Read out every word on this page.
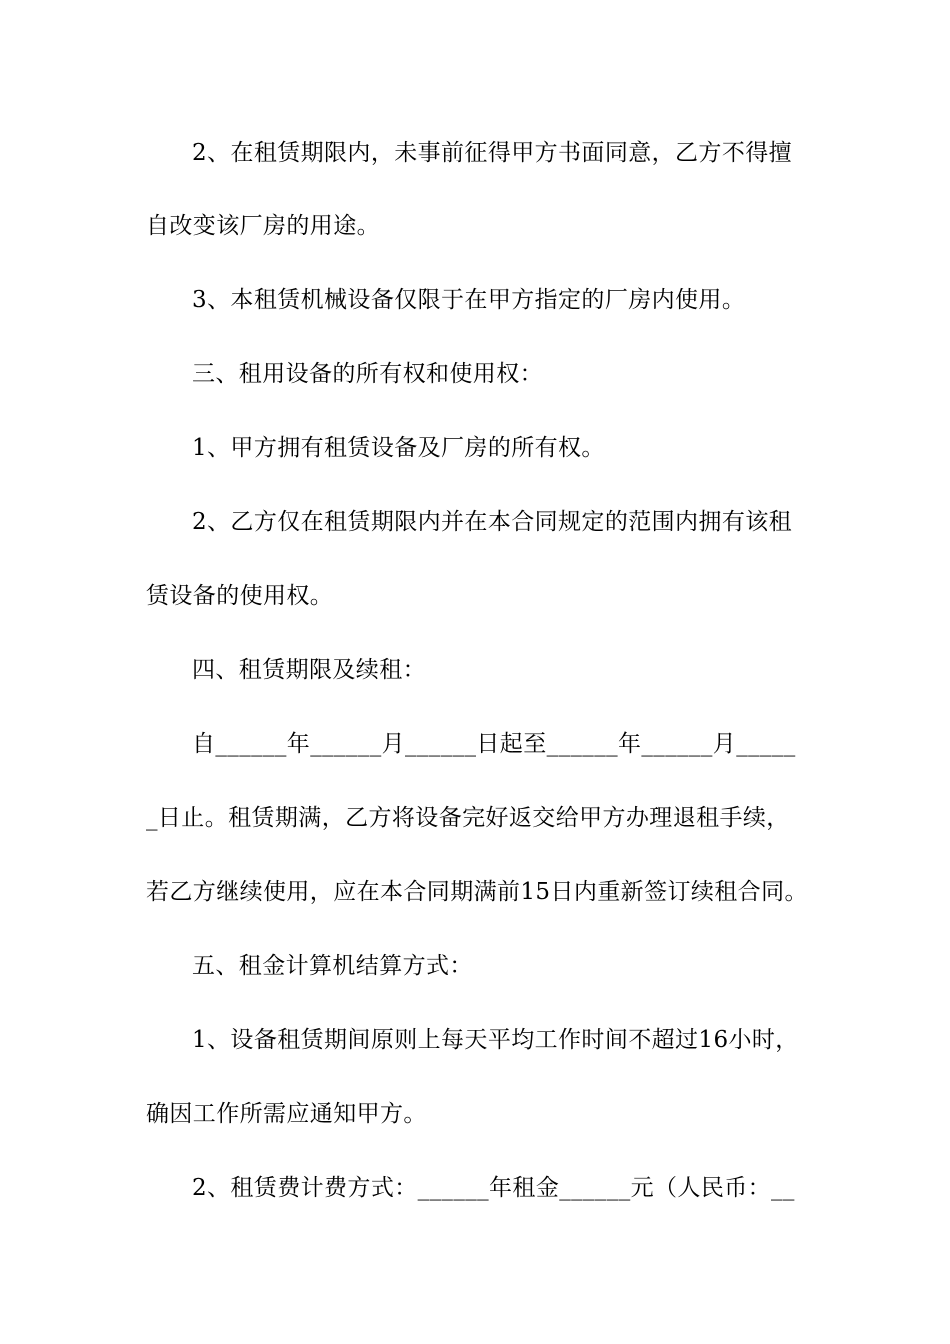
2、在租赁期限内，未事前征得甲方书面同意，乙方不得擅
自改变该厂房的用途。
3、本租赁机械设备仅限于在甲方指定的厂房内使用。
三、租用设备的所有权和使用权：
1、甲方拥有租赁设备及厂房的所有权。
2、乙方仅在租赁期限内并在本合同规定的范围内拥有该租
赁设备的使用权。
四、租赁期限及续租：
自______年______月______日起至______年______月_____
_日止。租赁期满，乙方将设备完好返交给甲方办理退租手续，
若乙方继续使用，应在本合同期满前15日内重新签订续租合同。
五、租金计算机结算方式：
1、设备租赁期间原则上每天平均工作时间不超过16小时，
确因工作所需应通知甲方。
2、租赁费计费方式：______年租金______元（人民币：__
